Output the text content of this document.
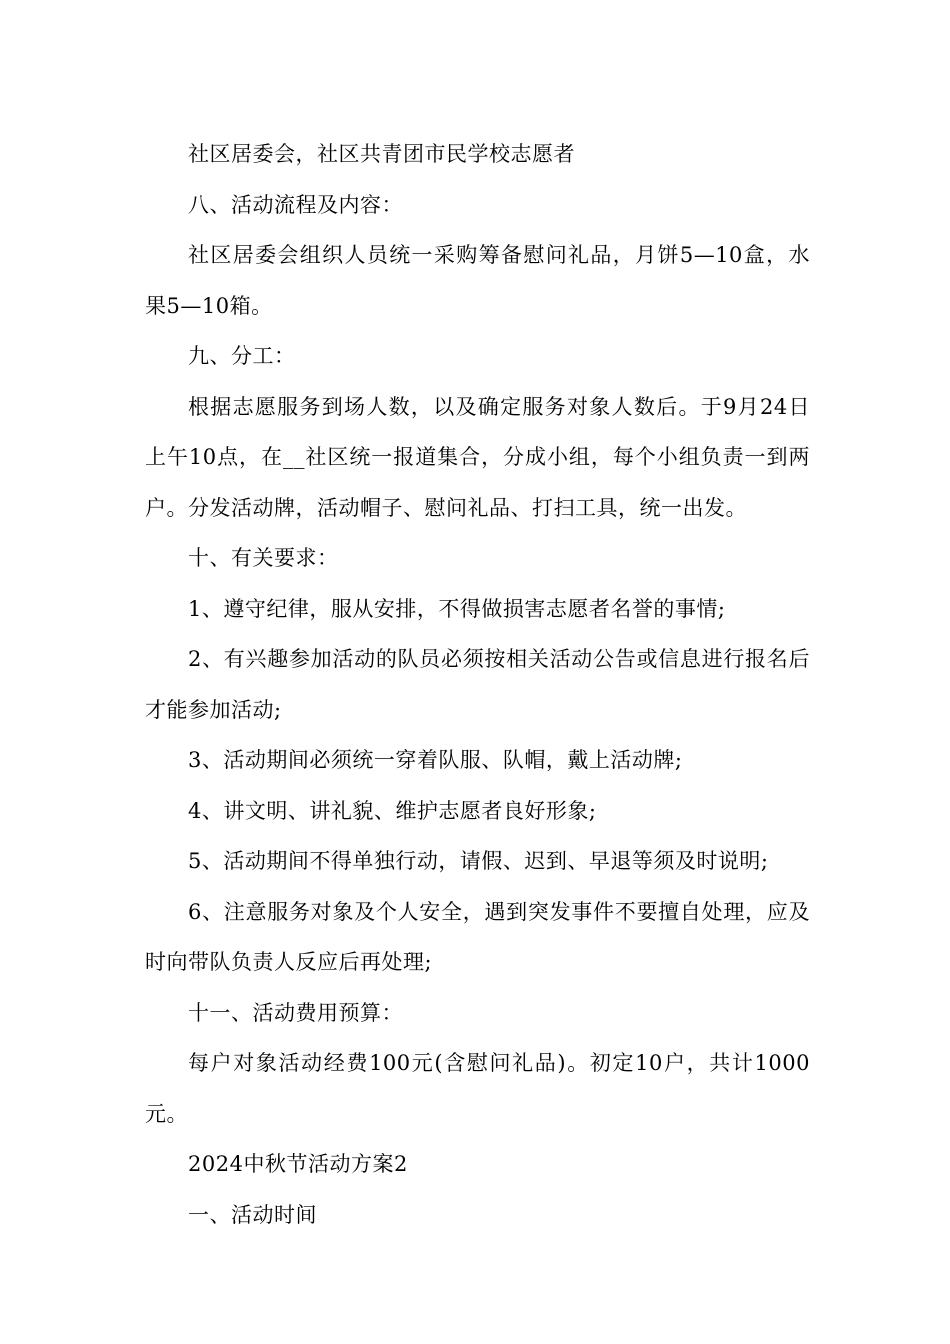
社区居委会，社区共青团市民学校志愿者

八、活动流程及内容：

社区居委会组织人员统一采购筹备慰问礼品，月饼5—10盒，水果5—10箱。

九、分工：

根据志愿服务到场人数，以及确定服务对象人数后。于9月24日上午10点，在__社区统一报道集合，分成小组，每个小组负责一到两户。分发活动牌，活动帽子、慰问礼品、打扫工具，统一出发。

十、有关要求：

1、遵守纪律，服从安排，不得做损害志愿者名誉的事情;

2、有兴趣参加活动的队员必须按相关活动公告或信息进行报名后才能参加活动;

3、活动期间必须统一穿着队服、队帽，戴上活动牌;

4、讲文明、讲礼貌、维护志愿者良好形象;

5、活动期间不得单独行动，请假、迟到、早退等须及时说明;

6、注意服务对象及个人安全，遇到突发事件不要擅自处理，应及时向带队负责人反应后再处理;

十一、活动费用预算：

每户对象活动经费100元(含慰问礼品)。初定10户，共计1000元。

2024中秋节活动方案2

一、活动时间
